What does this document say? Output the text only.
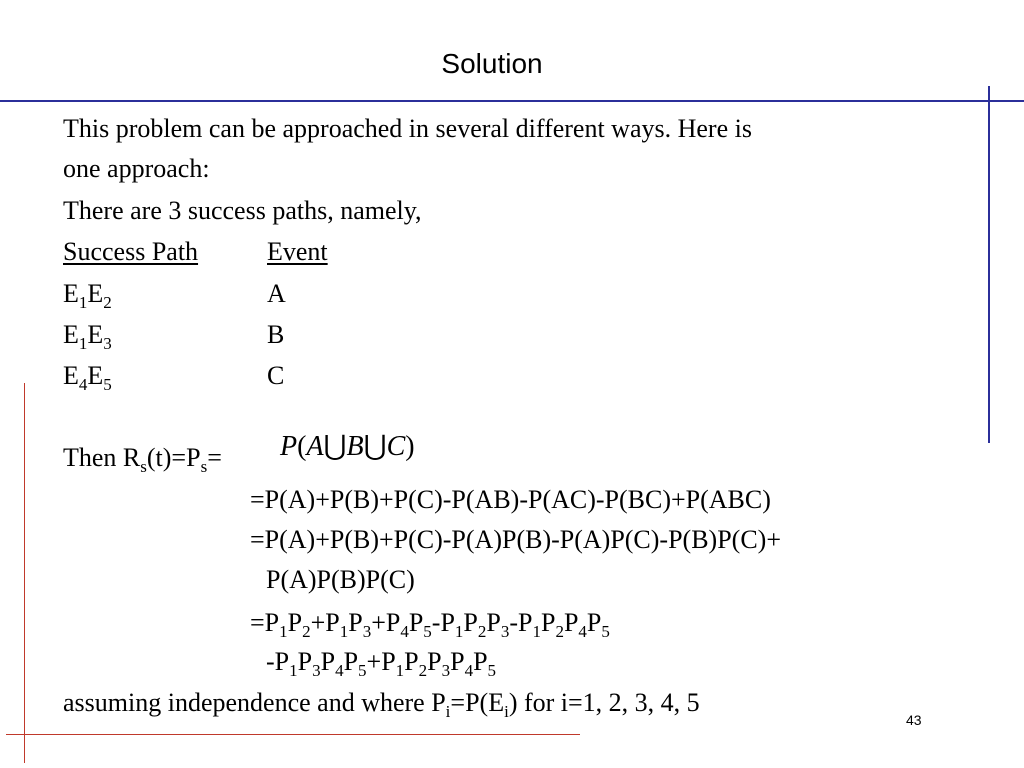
Solution
This problem can be approached in several different ways. Here is
one approach:
There are 3 success paths, namely,
Success Path	Event
$E_1E_2$	A
$E_1E_3$	B
$E_4E_5$	C
Then $R_s(t)=P_s=$ P(A⋃B⋃C)
=P(A)+P(B)+P(C)-P(AB)-P(AC)-P(BC)+P(ABC)
=P(A)+P(B)+P(C)-P(A)P(B)-P(A)P(C)-P(B)P(C)+
P(A)P(B)P(C)
$=P_1P_2+P_1P_3+P_4P_5-P_1P_2P_3-P_1P_2P_4P_5$
$-P_1P_3P_4P_5+P_1P_2P_3P_4P_5$
assuming independence and where $P_i=P(E_i)$ for i=1, 2, 3, 4, 5
43
